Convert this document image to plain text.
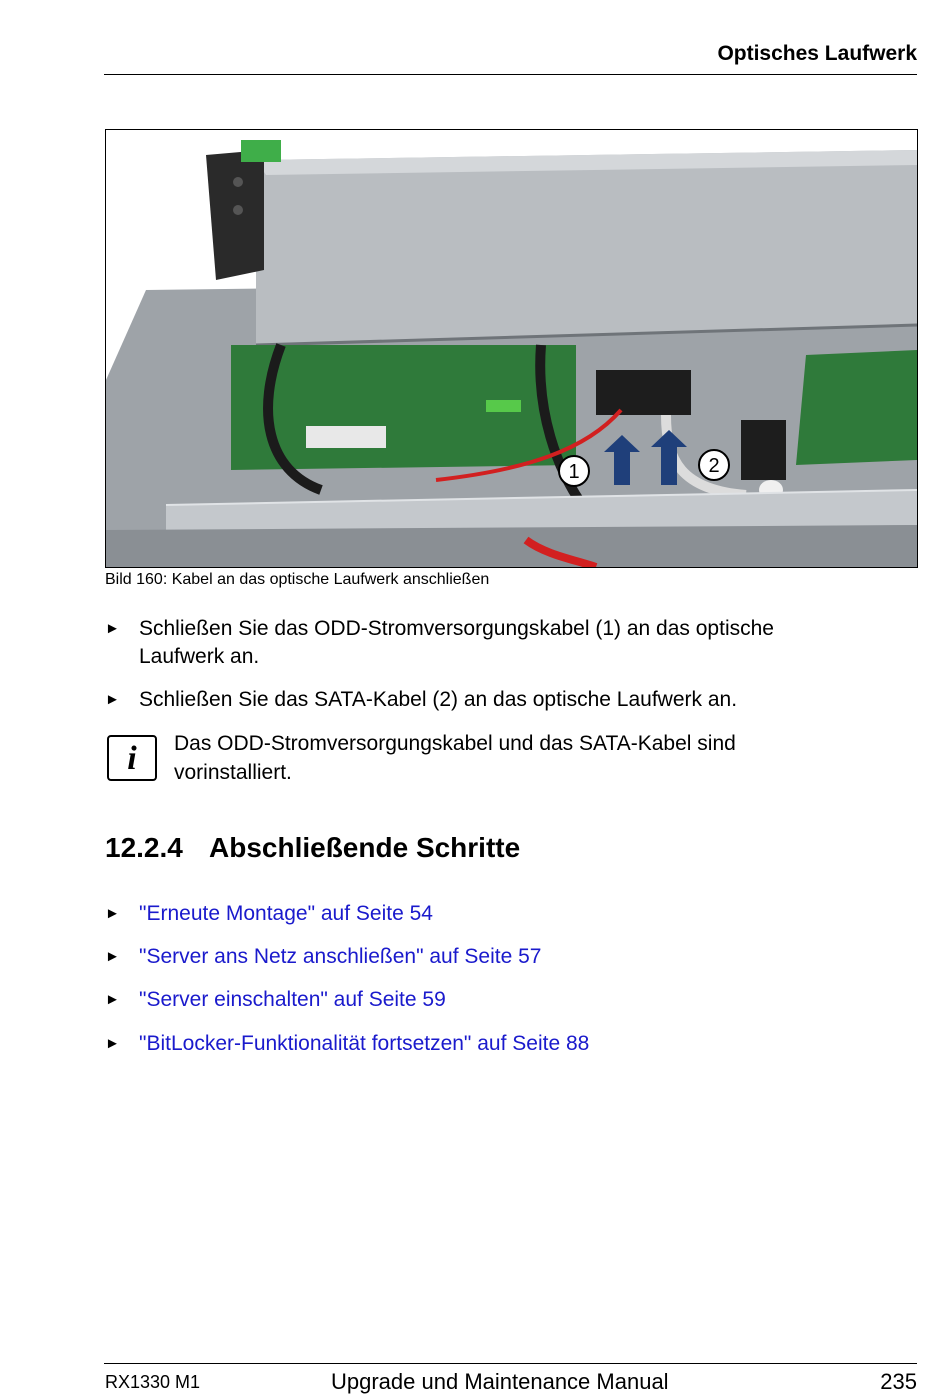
Optisches Laufwerk
1	2
Bild 160: Kabel an das optische Laufwerk anschließen
► Schließen Sie das ODD-Stromversorgungskabel (1) an das optische
Laufwerk an.
► Schließen Sie das SATA-Kabel (2) an das optische Laufwerk an.
i	Das ODD-Stromversorgungskabel und das SATA-Kabel sind
vorinstalliert.
12.2.4 Abschließende Schritte
► "Erneute Montage" auf Seite 54
► "Server ans Netz anschließen" auf Seite 57
► "Server einschalten" auf Seite 59
► "BitLocker-Funktionalität fortsetzen" auf Seite 88
RX1330 M1	Upgrade und Maintenance Manual	235
